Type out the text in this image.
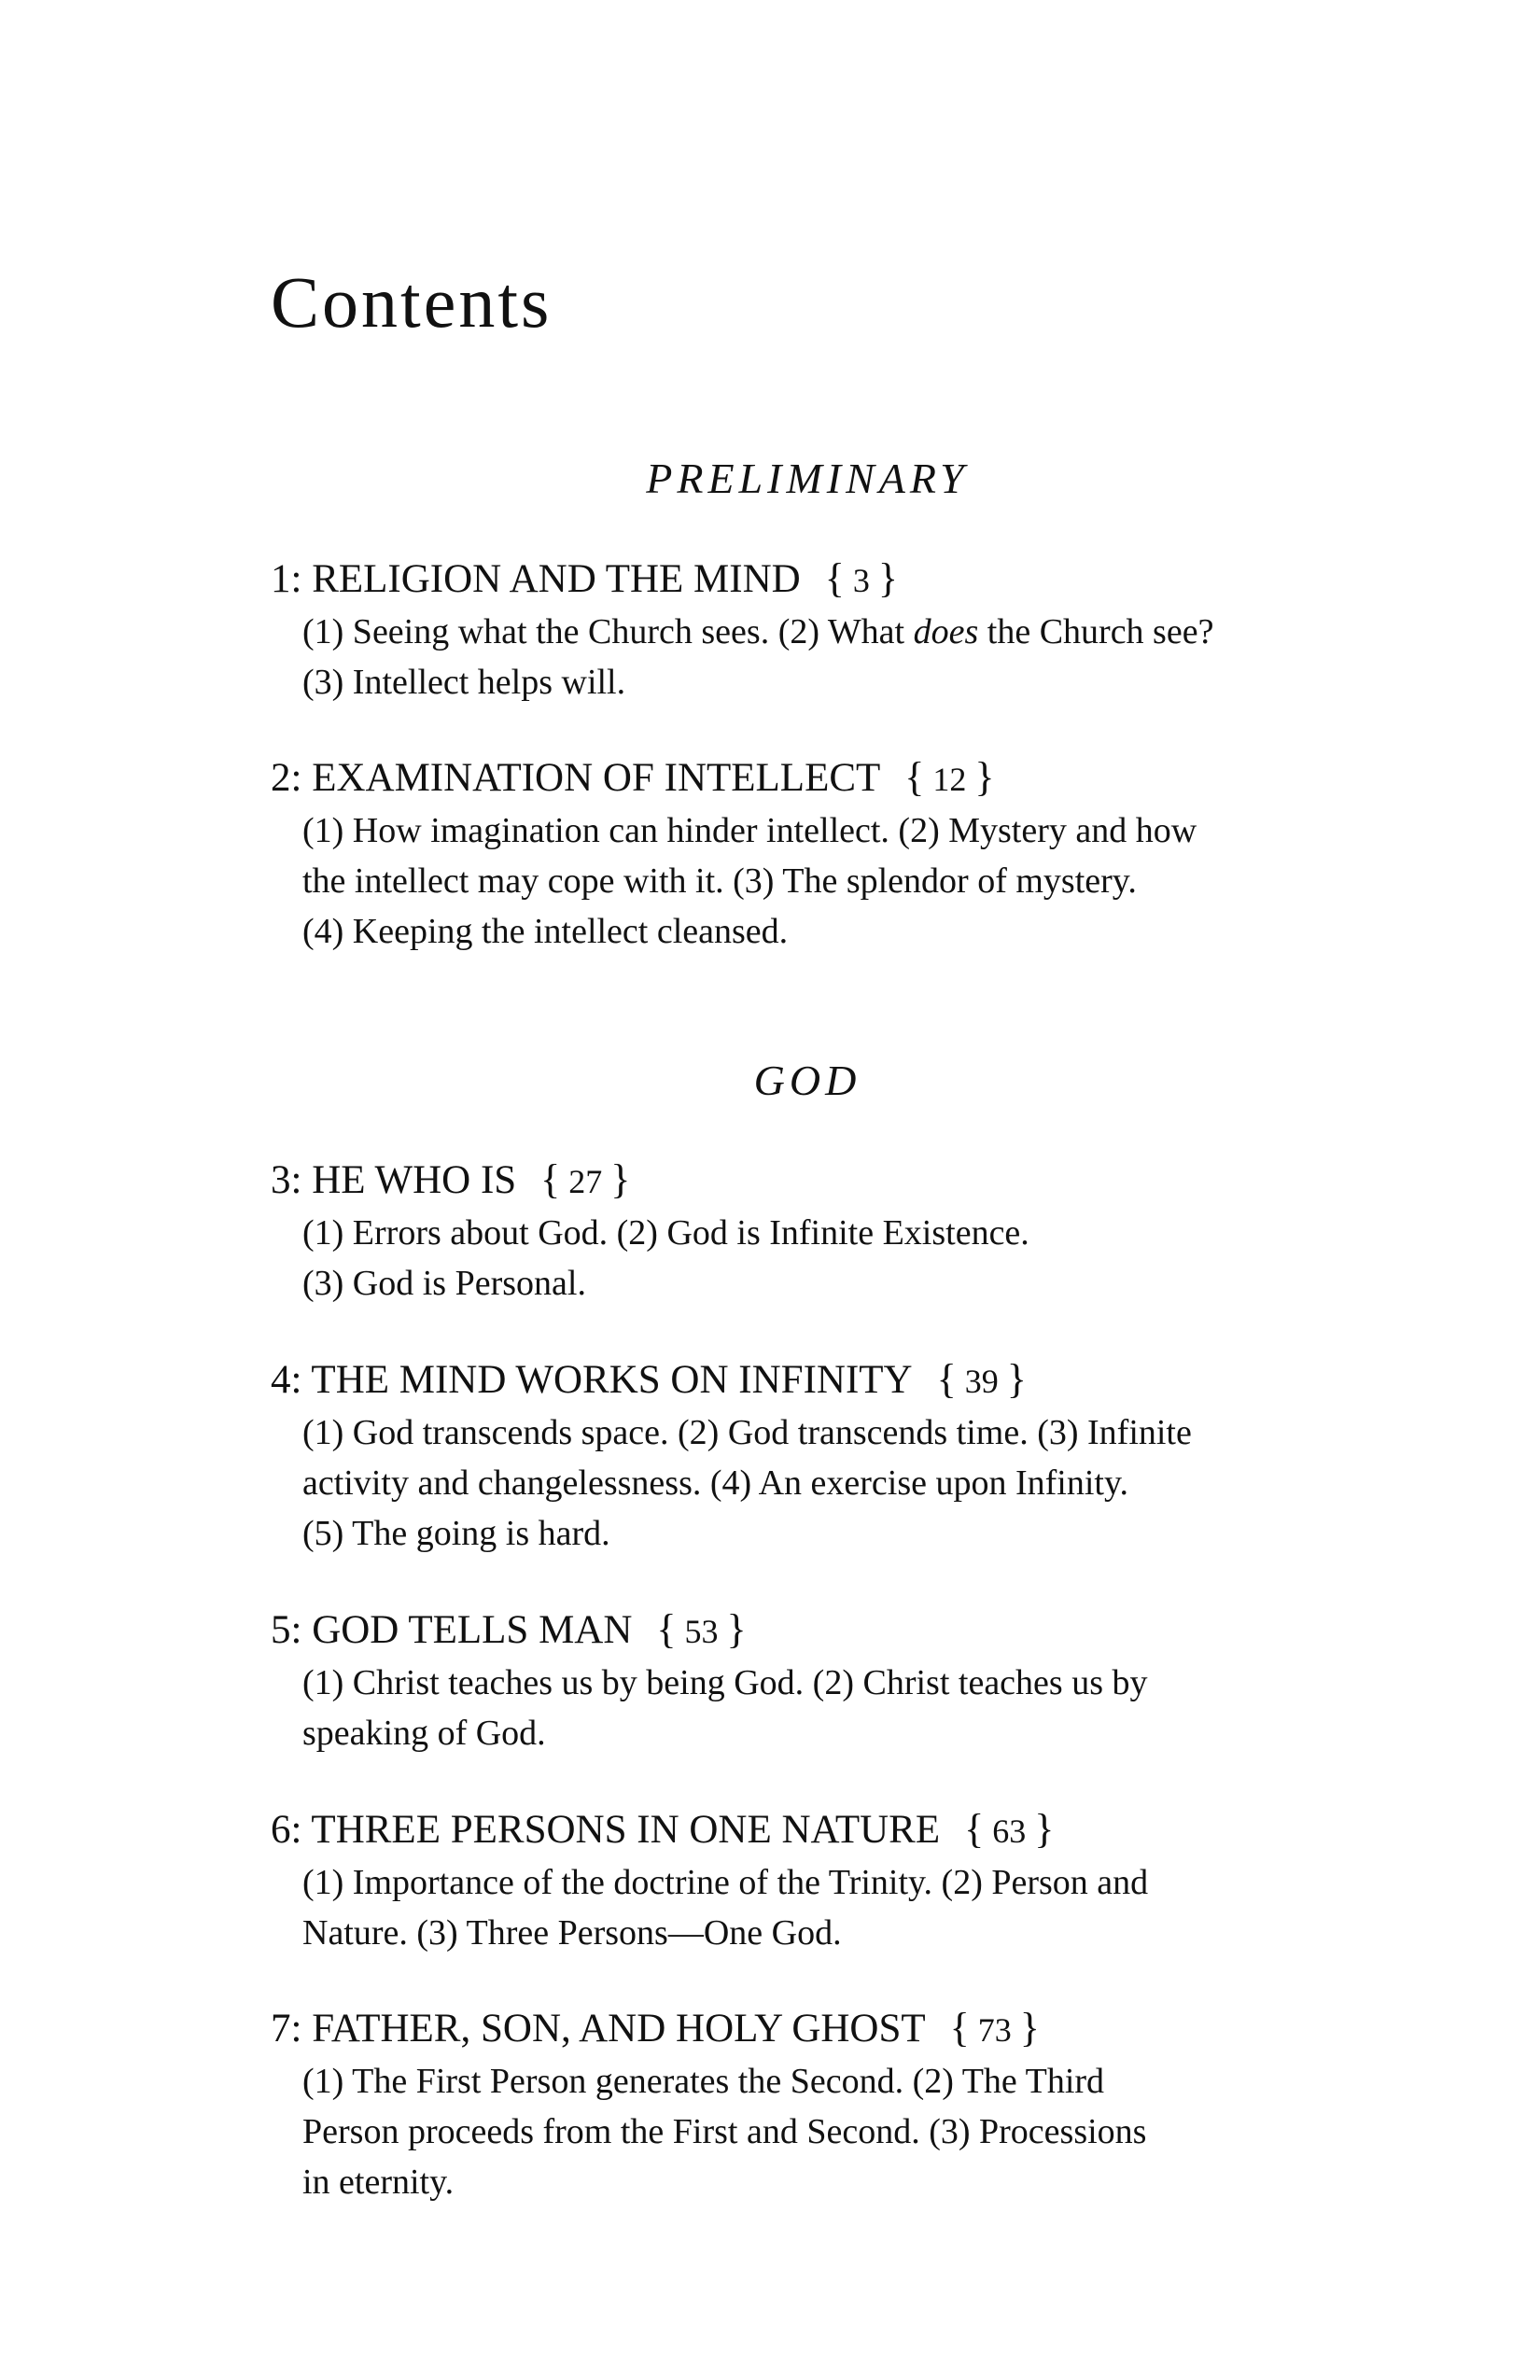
Contents
PRELIMINARY

1: RELIGION AND THE MIND { 3 }

(1) Seeing what the Church sees. (2) What does the Church see?
(3) Intellect helps will.

2: EXAMINATION OF INTELLECT { 12 }

(1) How imagination can hinder intellect. (2) Mystery and how
the intellect may cope with it. (3) The splendor of mystery.
(4) Keeping the intellect cleansed.

GOD

3: HE WHO IS { 27 }

(1) Errors about God. (2) God is Infinite Existence.
(3) God is Personal.

4: THE MIND WORKS ON INFINITY { 39 }

(1) God transcends space. (2) God transcends time. (3) Infinite
activity and changelessness. (4) An exercise upon Infinity.
(5) The going is hard.

5: GOD TELLS MAN { 53 }

(1) Christ teaches us by being God. (2) Christ teaches us by
speaking of God.

6: THREE PERSONS IN ONE NATURE { 63 }

(1) Importance of the doctrine of the Trinity. (2) Person and
Nature. (3) Three Persons—One God.

7: FATHER, SON, AND HOLY GHOST { 73 }

(1) The First Person generates the Second. (2) The Third
Person proceeds from the First and Second. (3) Processions
in eternity.
